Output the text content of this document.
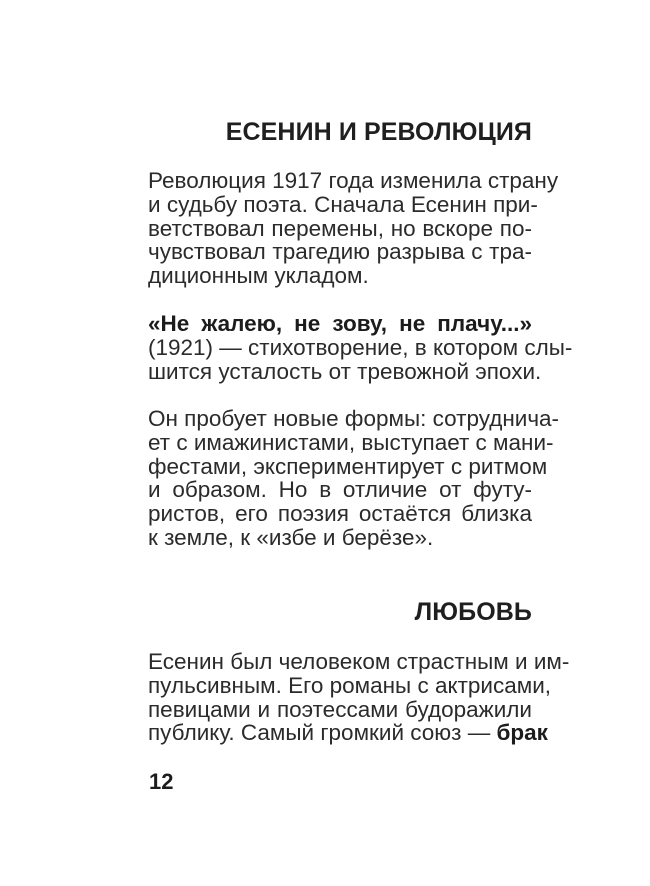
ЕСЕНИН И РЕВОЛЮЦИЯ

Революция 1917 года изменила страну
и судьбу поэта. Сначала Есенин при-
ветствовал перемены, но вскоре по-
чувствовал трагедию разрыва с тра-
диционным укладом.

«Не жалею, не зову, не плачу...»
(1921) — стихотворение, в котором слы-
шится усталость от тревожной эпохи.

Он пробует новые формы: сотруднича-
ет с имажинистами, выступает с мани-
фестами, экспериментирует с ритмом
и образом. Но в отличие от футу-
ристов, его поэзия остаётся близка
к земле, к «избе и берёзе».

ЛЮБОВЬ

Есенин был человеком страстным и им-
пульсивным. Его романы с актрисами,
певицами и поэтессами будоражили
публику. Самый громкий союз — брак

12
